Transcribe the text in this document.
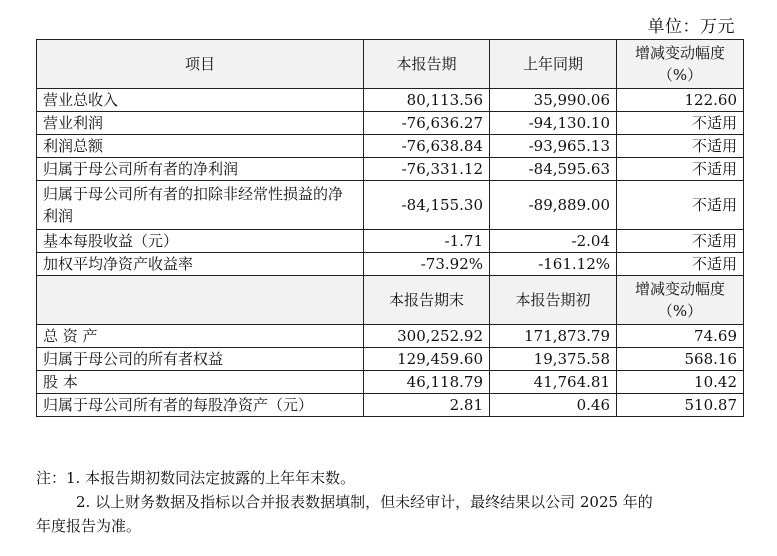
单位：万元
项目	本报告期	上年同期	增减变动幅度（%）
营业总收入	80,113.56	35,990.06	122.60
营业利润	-76,636.27	-94,130.10	不适用
利润总额	-76,638.84	-93,965.13	不适用
归属于母公司所有者的净利润	-76,331.12	-84,595.63	不适用
归属于母公司所有者的扣除非经常性损益的净利润	-84,155.30	-89,889.00	不适用
基本每股收益（元）	-1.71	-2.04	不适用
加权平均净资产收益率	-73.92%	-161.12%	不适用
	本报告期末	本报告期初	增减变动幅度（%）
总 资 产	300,252.92	171,873.79	74.69
归属于母公司的所有者权益	129,459.60	19,375.58	568.16
股 本	46,118.79	41,764.81	10.42
归属于母公司所有者的每股净资产（元）	2.81	0.46	510.87
注：1. 本报告期初数同法定披露的上年年末数。
2. 以上财务数据及指标以合并报表数据填制，但未经审计，最终结果以公司 2025 年的
年度报告为准。
